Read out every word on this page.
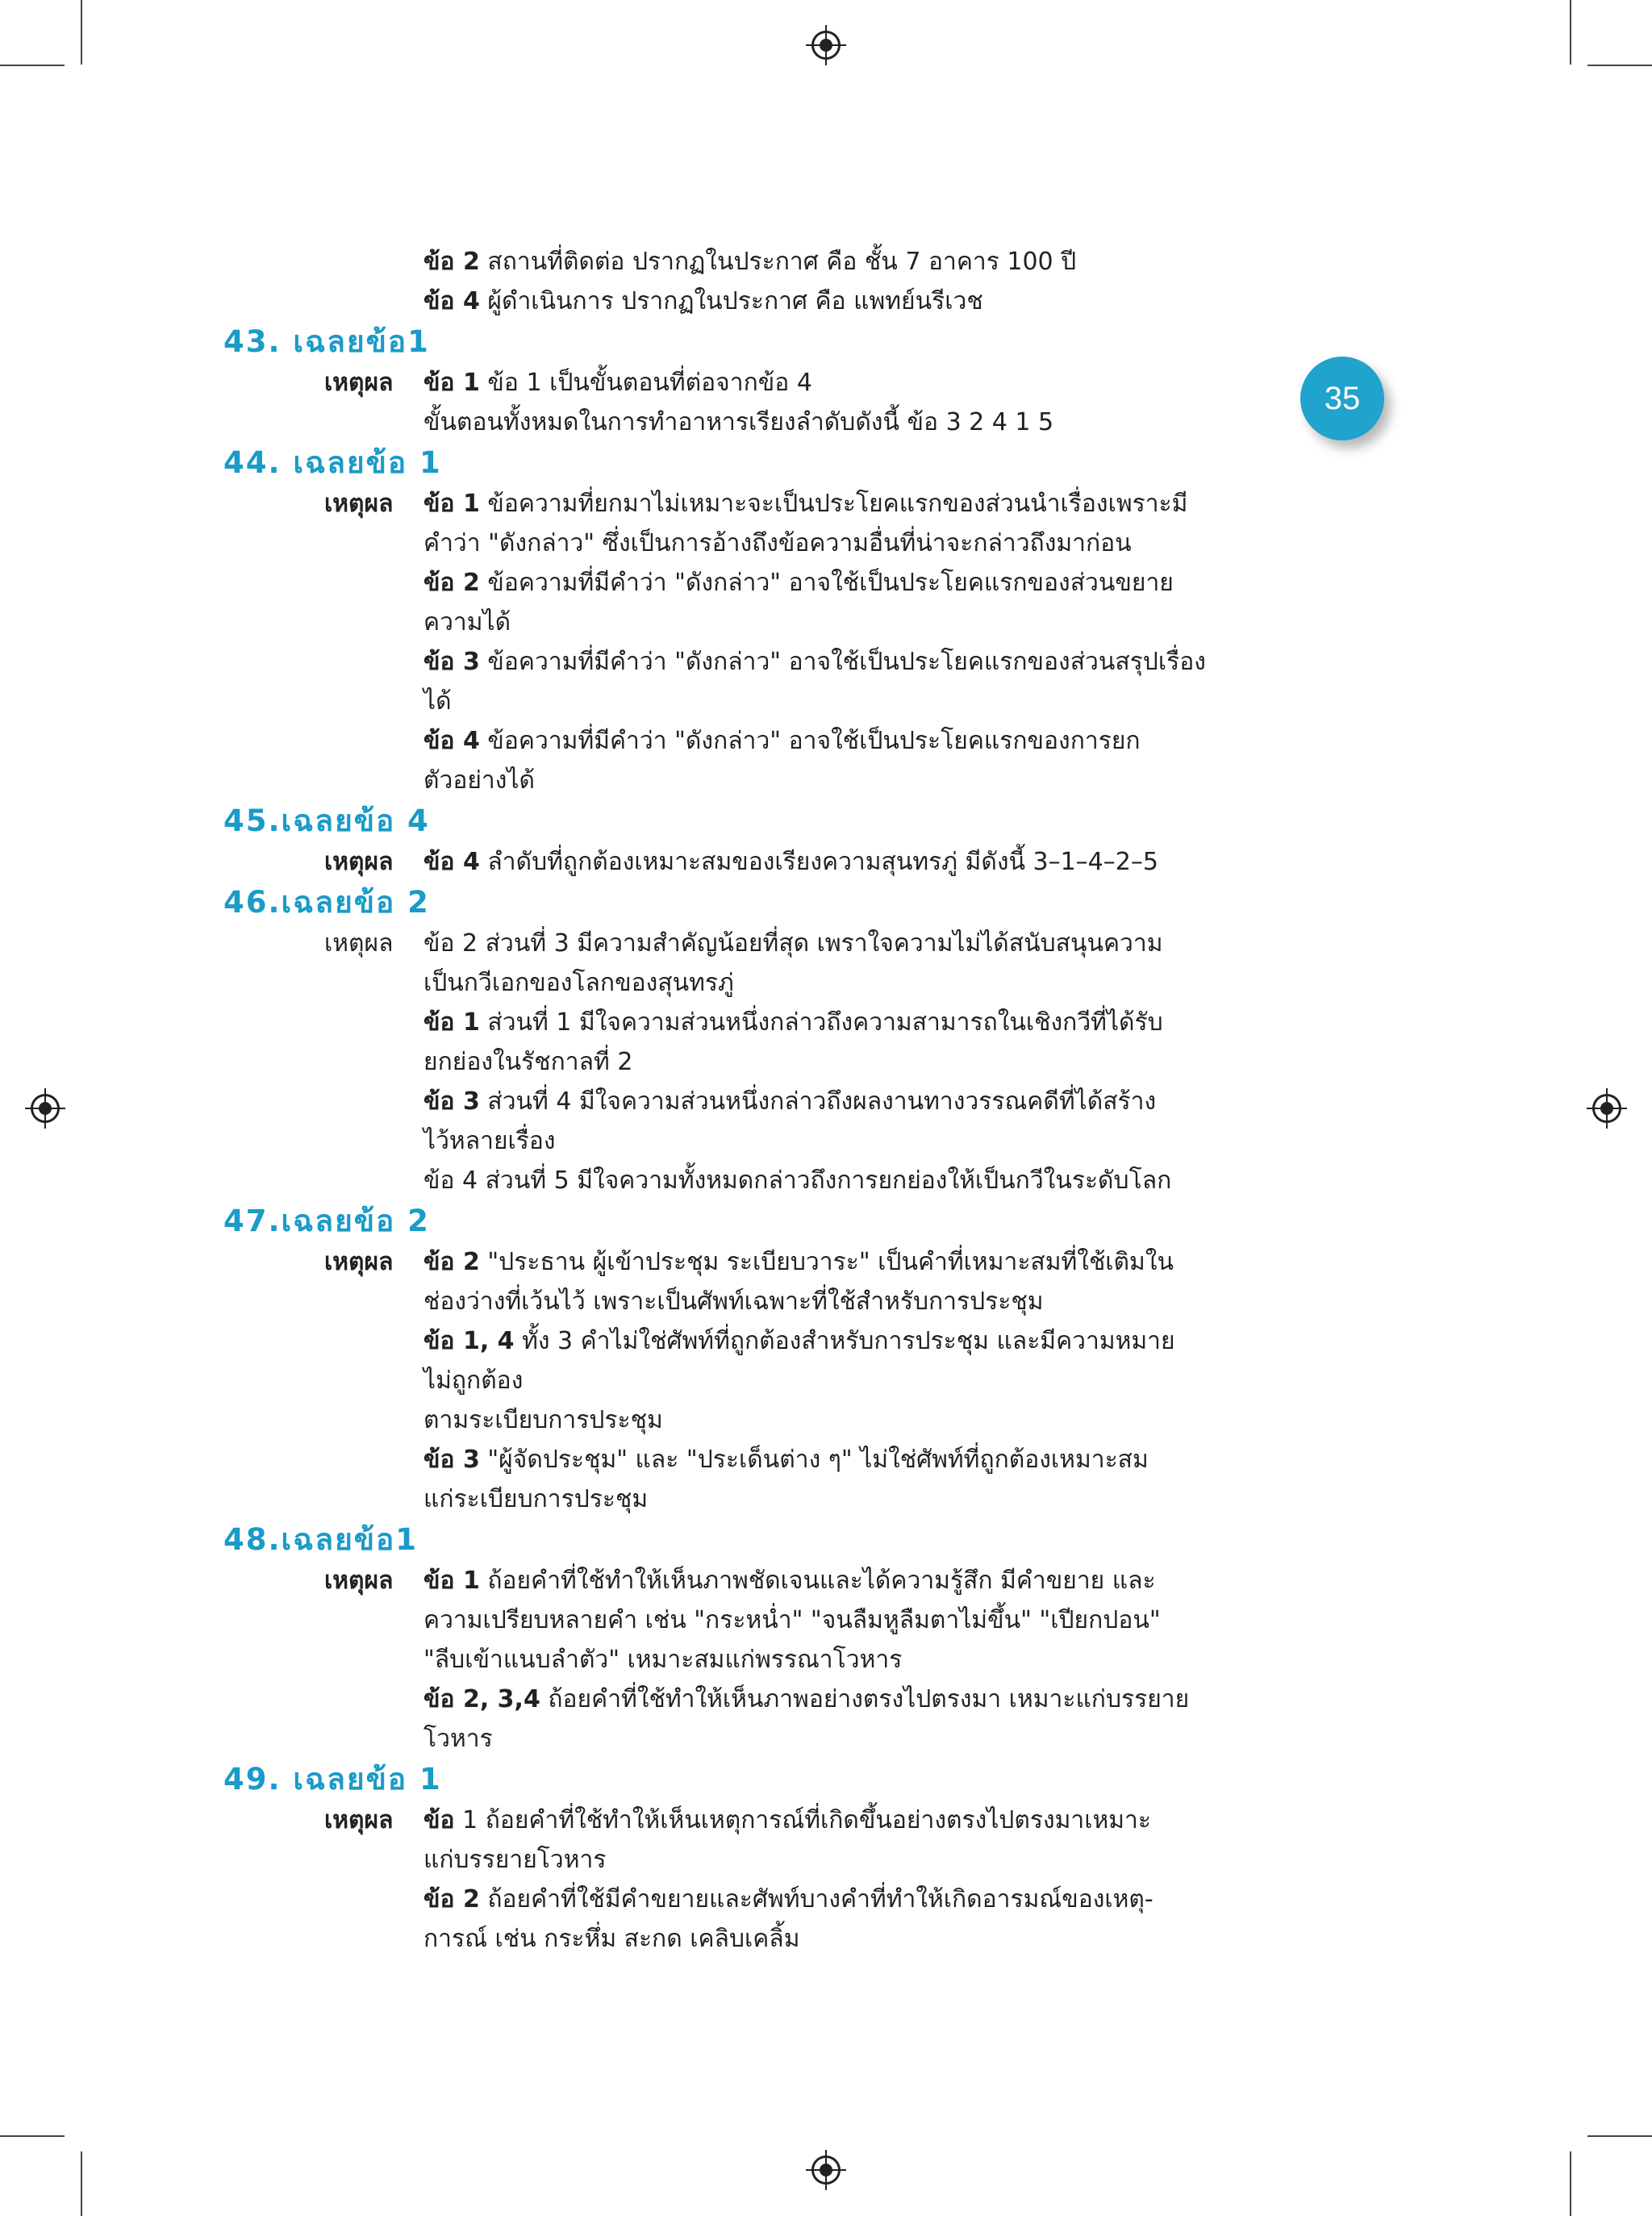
35
ข้อ 2 สถานที่ติดต่อ ปรากฏในประกาศ คือ ชั้น 7 อาคาร 100 ปี
ข้อ 4 ผู้ดำเนินการ ปรากฏในประกาศ คือ แพทย์นรีเวช
43. เฉลยข้อ1
เหตุผล ข้อ 1 ข้อ 1 เป็นขั้นตอนที่ต่อจากข้อ 4
ขั้นตอนทั้งหมดในการทำอาหารเรียงลำดับดังนี้ ข้อ 3 2 4 1 5
44. เฉลยข้อ 1
เหตุผล ข้อ 1 ข้อความที่ยกมาไม่เหมาะจะเป็นประโยคแรกของส่วนนำเรื่องเพราะมี
คำว่า "ดังกล่าว" ซึ่งเป็นการอ้างถึงข้อความอื่นที่น่าจะกล่าวถึงมาก่อน
ข้อ 2 ข้อความที่มีคำว่า "ดังกล่าว" อาจใช้เป็นประโยคแรกของส่วนขยาย
ความได้
ข้อ 3 ข้อความที่มีคำว่า "ดังกล่าว" อาจใช้เป็นประโยคแรกของส่วนสรุปเรื่อง
ได้
ข้อ 4 ข้อความที่มีคำว่า "ดังกล่าว" อาจใช้เป็นประโยคแรกของการยก
ตัวอย่างได้
45.เฉลยข้อ 4
เหตุผล ข้อ 4 ลำดับที่ถูกต้องเหมาะสมของเรียงความสุนทรภู่ มีดังนี้ 3–1–4–2–5
46.เฉลยข้อ 2
เหตุผล ข้อ 2 ส่วนที่ 3 มีความสำคัญน้อยที่สุด เพราใจความไม่ได้สนับสนุนความ
เป็นกวีเอกของโลกของสุนทรภู่
ข้อ 1 ส่วนที่ 1 มีใจความส่วนหนึ่งกล่าวถึงความสามารถในเชิงกวีที่ได้รับ
ยกย่องในรัชกาลที่ 2
ข้อ 3 ส่วนที่ 4 มีใจความส่วนหนึ่งกล่าวถึงผลงานทางวรรณคดีที่ได้สร้าง
ไว้หลายเรื่อง
ข้อ 4 ส่วนที่ 5 มีใจความทั้งหมดกล่าวถึงการยกย่องให้เป็นกวีในระดับโลก
47.เฉลยข้อ 2
เหตุผล ข้อ 2 "ประธาน ผู้เข้าประชุม ระเบียบวาระ" เป็นคำที่เหมาะสมที่ใช้เติมใน
ช่องว่างที่เว้นไว้ เพราะเป็นศัพท์เฉพาะที่ใช้สำหรับการประชุม
ข้อ 1, 4 ทั้ง 3 คำไม่ใช่ศัพท์ที่ถูกต้องสำหรับการประชุม และมีความหมาย
ไม่ถูกต้อง
ตามระเบียบการประชุม
ข้อ 3 "ผู้จัดประชุม" และ "ประเด็นต่าง ๆ" ไม่ใช่ศัพท์ที่ถูกต้องเหมาะสม
แก่ระเบียบการประชุม
48.เฉลยข้อ1
เหตุผล ข้อ 1 ถ้อยคำที่ใช้ทำให้เห็นภาพชัดเจนและได้ความรู้สึก มีคำขยาย และ
ความเปรียบหลายคำ เช่น "กระหน่ำ" "จนลืมหูลืมตาไม่ขึ้น" "เปียกปอน"
"ลีบเข้าแนบลำตัว" เหมาะสมแก่พรรณาโวหาร
ข้อ 2, 3,4 ถ้อยคำที่ใช้ทำให้เห็นภาพอย่างตรงไปตรงมา เหมาะแก่บรรยาย
โวหาร
49. เฉลยข้อ 1
เหตุผล ข้อ 1 ถ้อยคำที่ใช้ทำให้เห็นเหตุการณ์ที่เกิดขึ้นอย่างตรงไปตรงมาเหมาะ
แก่บรรยายโวหาร
ข้อ 2 ถ้อยคำที่ใช้มีคำขยายและศัพท์บางคำที่ทำให้เกิดอารมณ์ของเหตุ-
การณ์ เช่น กระหึ่ม สะกด เคลิบเคลิ้ม
